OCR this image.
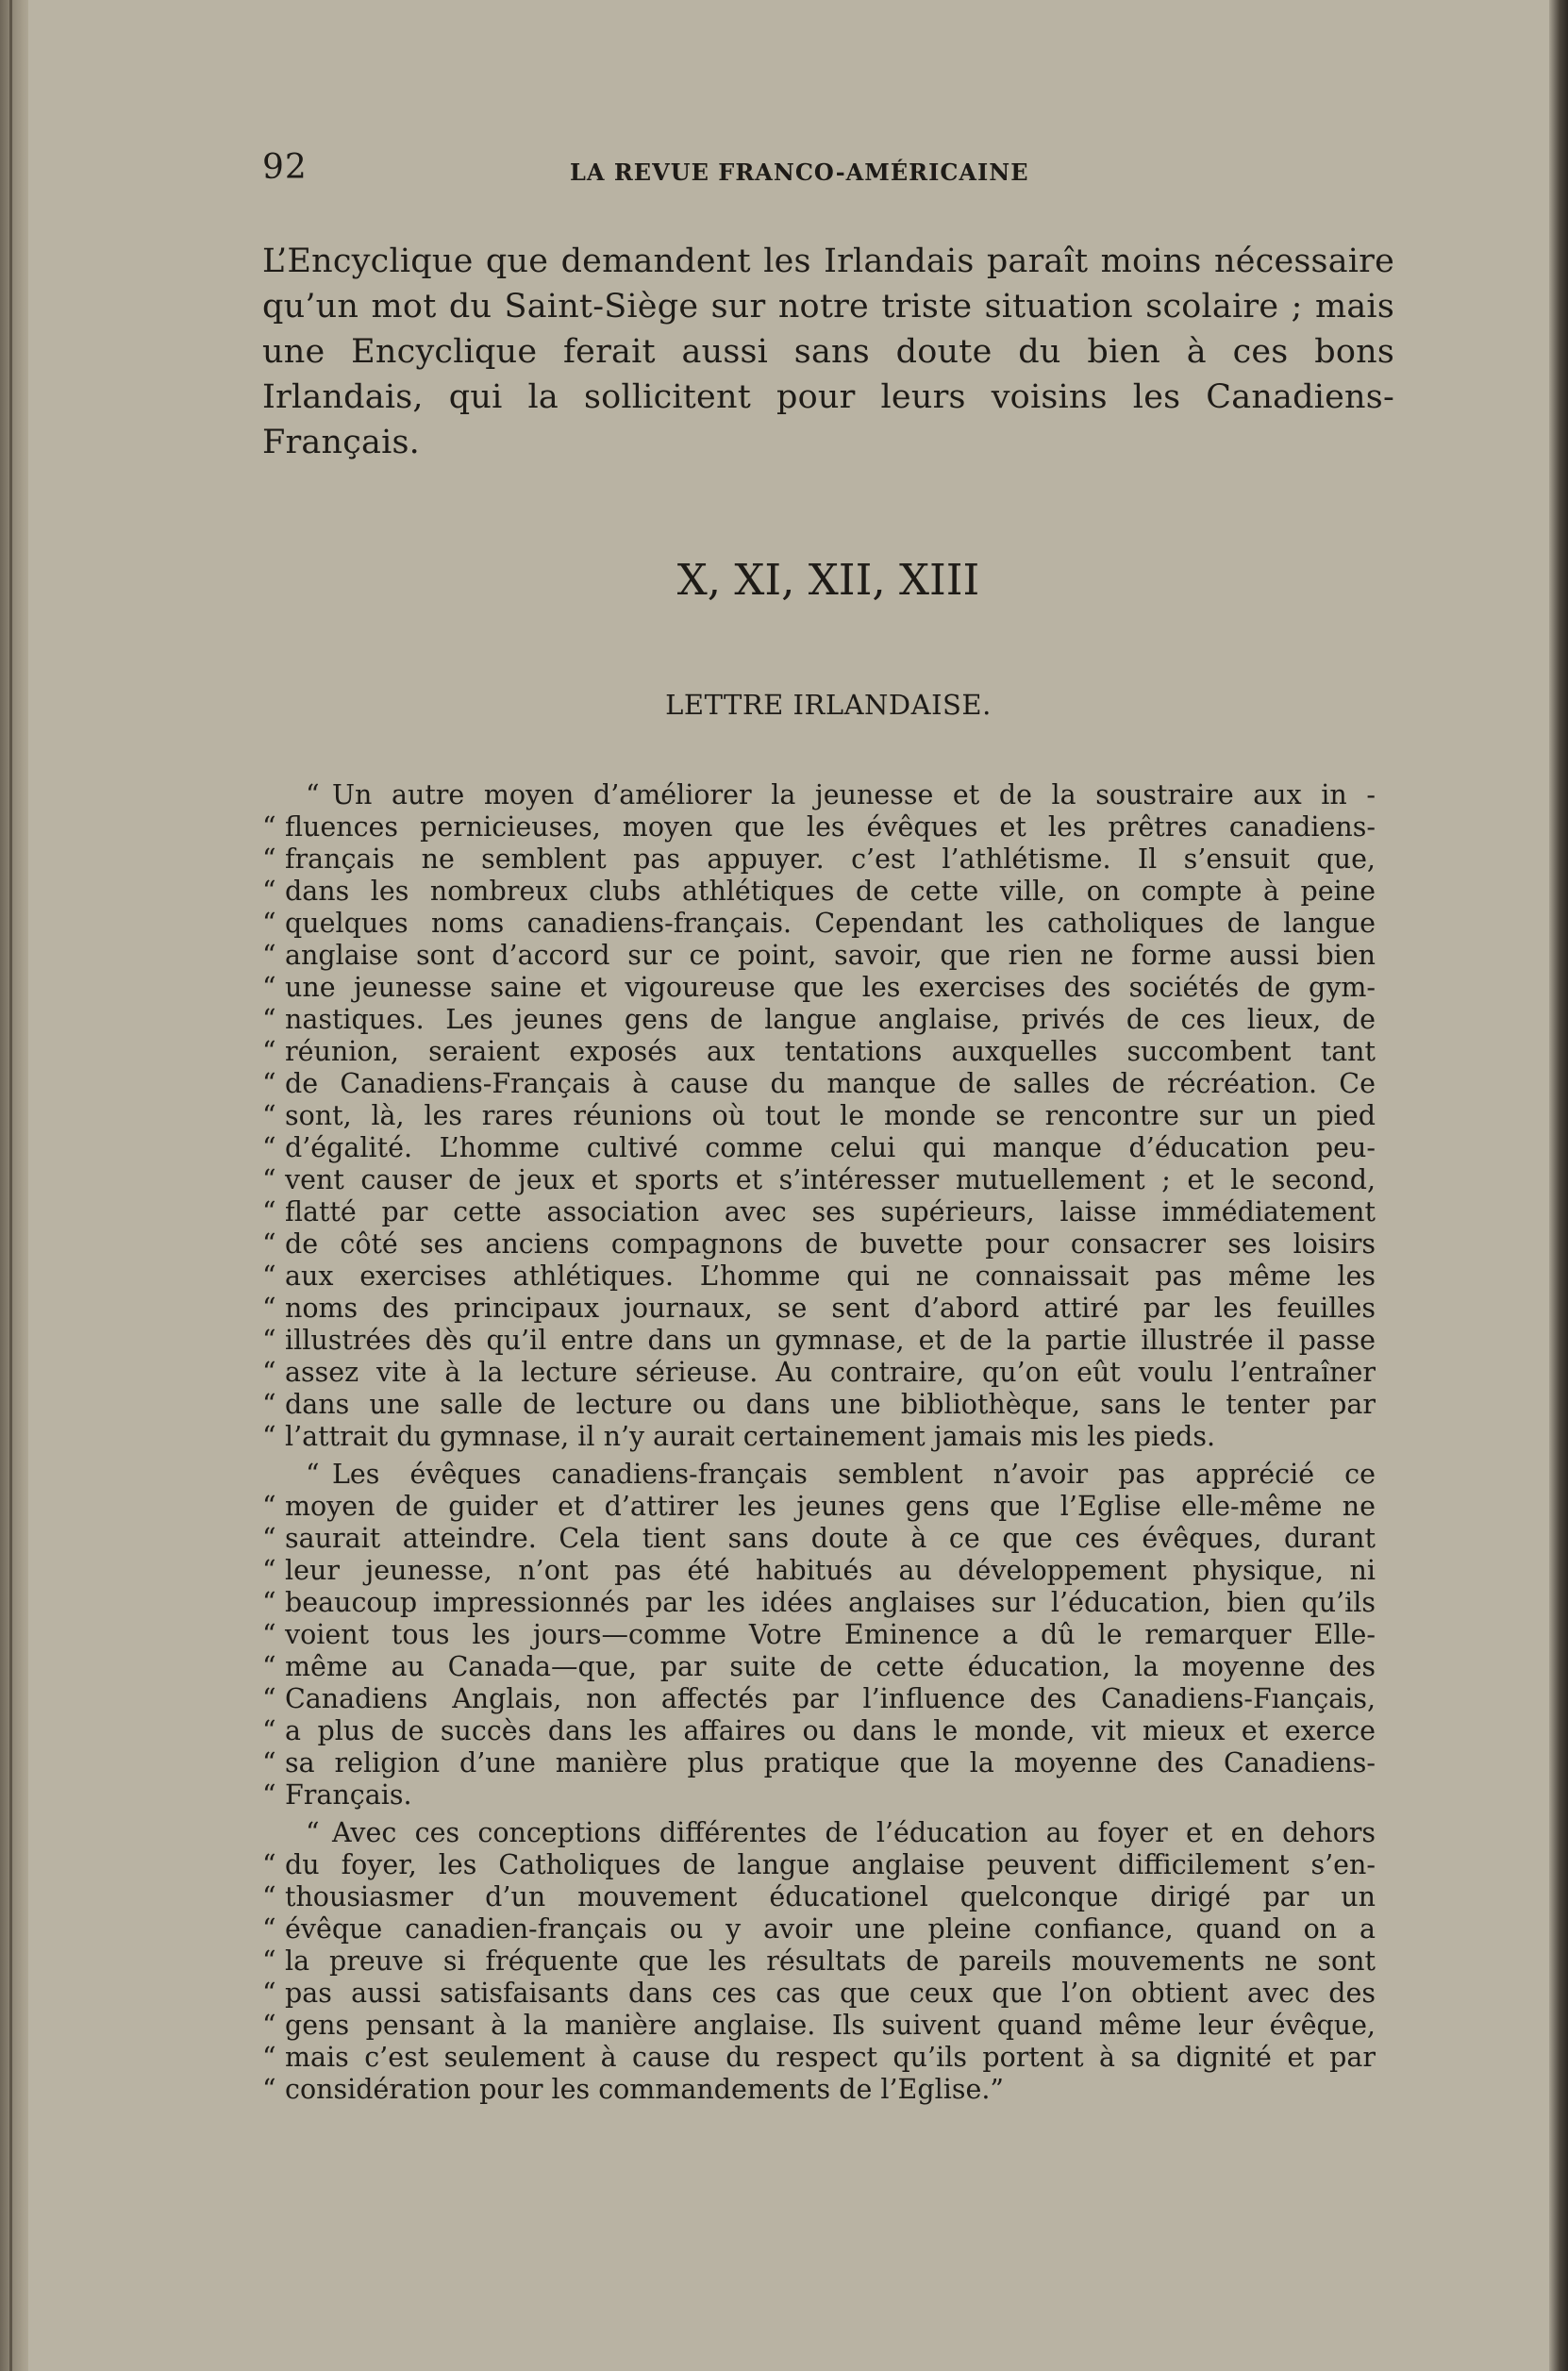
92	LA REVUE FRANCO-AMÉRICAINE

L’Encyclique que demandent les Irlandais paraît moins nécessaire qu’un mot du Saint-Siège sur notre triste situation scolaire ; mais une Encyclique ferait aussi sans doute du bien à ces bons Irlandais, qui la sollicitent pour leurs voisins les Canadiens-Français.

X, XI, XII, XIII
LETTRE IRLANDAISE.
“ Un autre moyen d’améliorer la jeunesse et de la soustraire aux in -
“ fluences pernicieuses, moyen que les évêques et les prêtres canadiens-
“ français ne semblent pas appuyer. c’est l’athlétisme. Il s’ensuit que,
“ dans les nombreux clubs athlétiques de cette ville, on compte à peine
“ quelques noms canadiens-français. Cependant les catholiques de langue
“ anglaise sont d’accord sur ce point, savoir, que rien ne forme aussi bien
“ une jeunesse saine et vigoureuse que les exercises des sociétés de gym-
“ nastiques. Les jeunes gens de langue anglaise, privés de ces lieux, de
“ réunion, seraient exposés aux tentations auxquelles succombent tant
“ de Canadiens-Français à cause du manque de salles de récréation. Ce
“ sont, là, les rares réunions où tout le monde se rencontre sur un pied
“ d’égalité. L’homme cultivé comme celui qui manque d’éducation peu-
“ vent causer de jeux et sports et s’intéresser mutuellement ; et le second,
“ flatté par cette association avec ses supérieurs, laisse immédiatement
“ de côté ses anciens compagnons de buvette pour consacrer ses loisirs
“ aux exercises athlétiques. L’homme qui ne connaissait pas même les
“ noms des principaux journaux, se sent d’abord attiré par les feuilles
“ illustrées dès qu’il entre dans un gymnase, et de la partie illustrée il passe
“ assez vite à la lecture sérieuse. Au contraire, qu’on eût voulu l’entraîner
“ dans une salle de lecture ou dans une bibliothèque, sans le tenter par
“ l’attrait du gymnase, il n’y aurait certainement jamais mis les pieds.
“ Les évêques canadiens-français semblent n’avoir pas apprécié ce
“ moyen de guider et d’attirer les jeunes gens que l’Eglise elle-même ne
“ saurait atteindre. Cela tient sans doute à ce que ces évêques, durant
“ leur jeunesse, n’ont pas été habitués au développement physique, ni
“ beaucoup impressionnés par les idées anglaises sur l’éducation, bien qu’ils
“ voient tous les jours—comme Votre Eminence a dû le remarquer Elle-
“ même au Canada—que, par suite de cette éducation, la moyenne des
“ Canadiens Anglais, non affectés par l’influence des Canadiens-Fıançais,
“ a plus de succès dans les affaires ou dans le monde, vit mieux et exerce
“ sa religion d’une manière plus pratique que la moyenne des Canadiens-
“ Français.
“ Avec ces conceptions différentes de l’éducation au foyer et en dehors
“ du foyer, les Catholiques de langue anglaise peuvent difficilement s’en-
“ thousiasmer d’un mouvement éducationel quelconque dirigé par un
“ évêque canadien-français ou y avoir une pleine confiance, quand on a
“ la preuve si fréquente que les résultats de pareils mouvements ne sont
“ pas aussi satisfaisants dans ces cas que ceux que l’on obtient avec des
“ gens pensant à la manière anglaise. Ils suivent quand même leur évêque,
“ mais c’est seulement à cause du respect qu’ils portent à sa dignité et par
“ considération pour les commandements de l’Eglise.”
